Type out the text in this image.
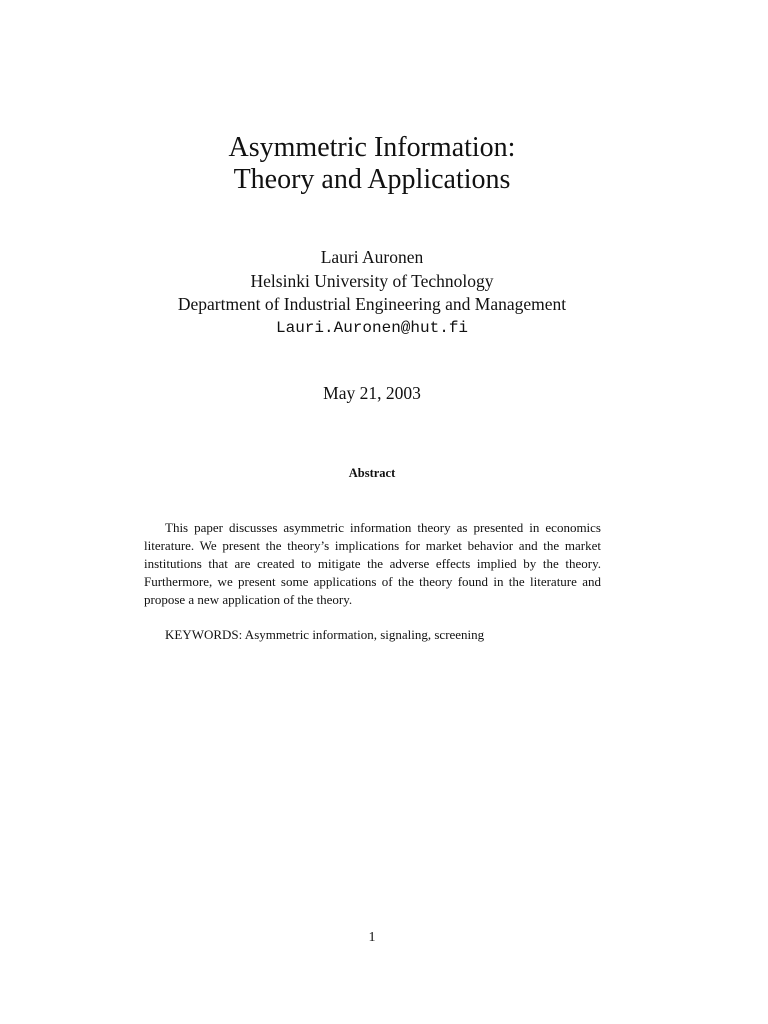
Asymmetric Information:
Theory and Applications
Lauri Auronen
Helsinki University of Technology
Department of Industrial Engineering and Management
Lauri.Auronen@hut.fi
May 21, 2003
Abstract
This paper discusses asymmetric information theory as presented in economics literature. We present the theory’s implications for market behavior and the market institutions that are created to mitigate the adverse effects implied by the theory. Furthermore, we present some applications of the theory found in the literature and propose a new application of the theory.
KEYWORDS: Asymmetric information, signaling, screening
1
